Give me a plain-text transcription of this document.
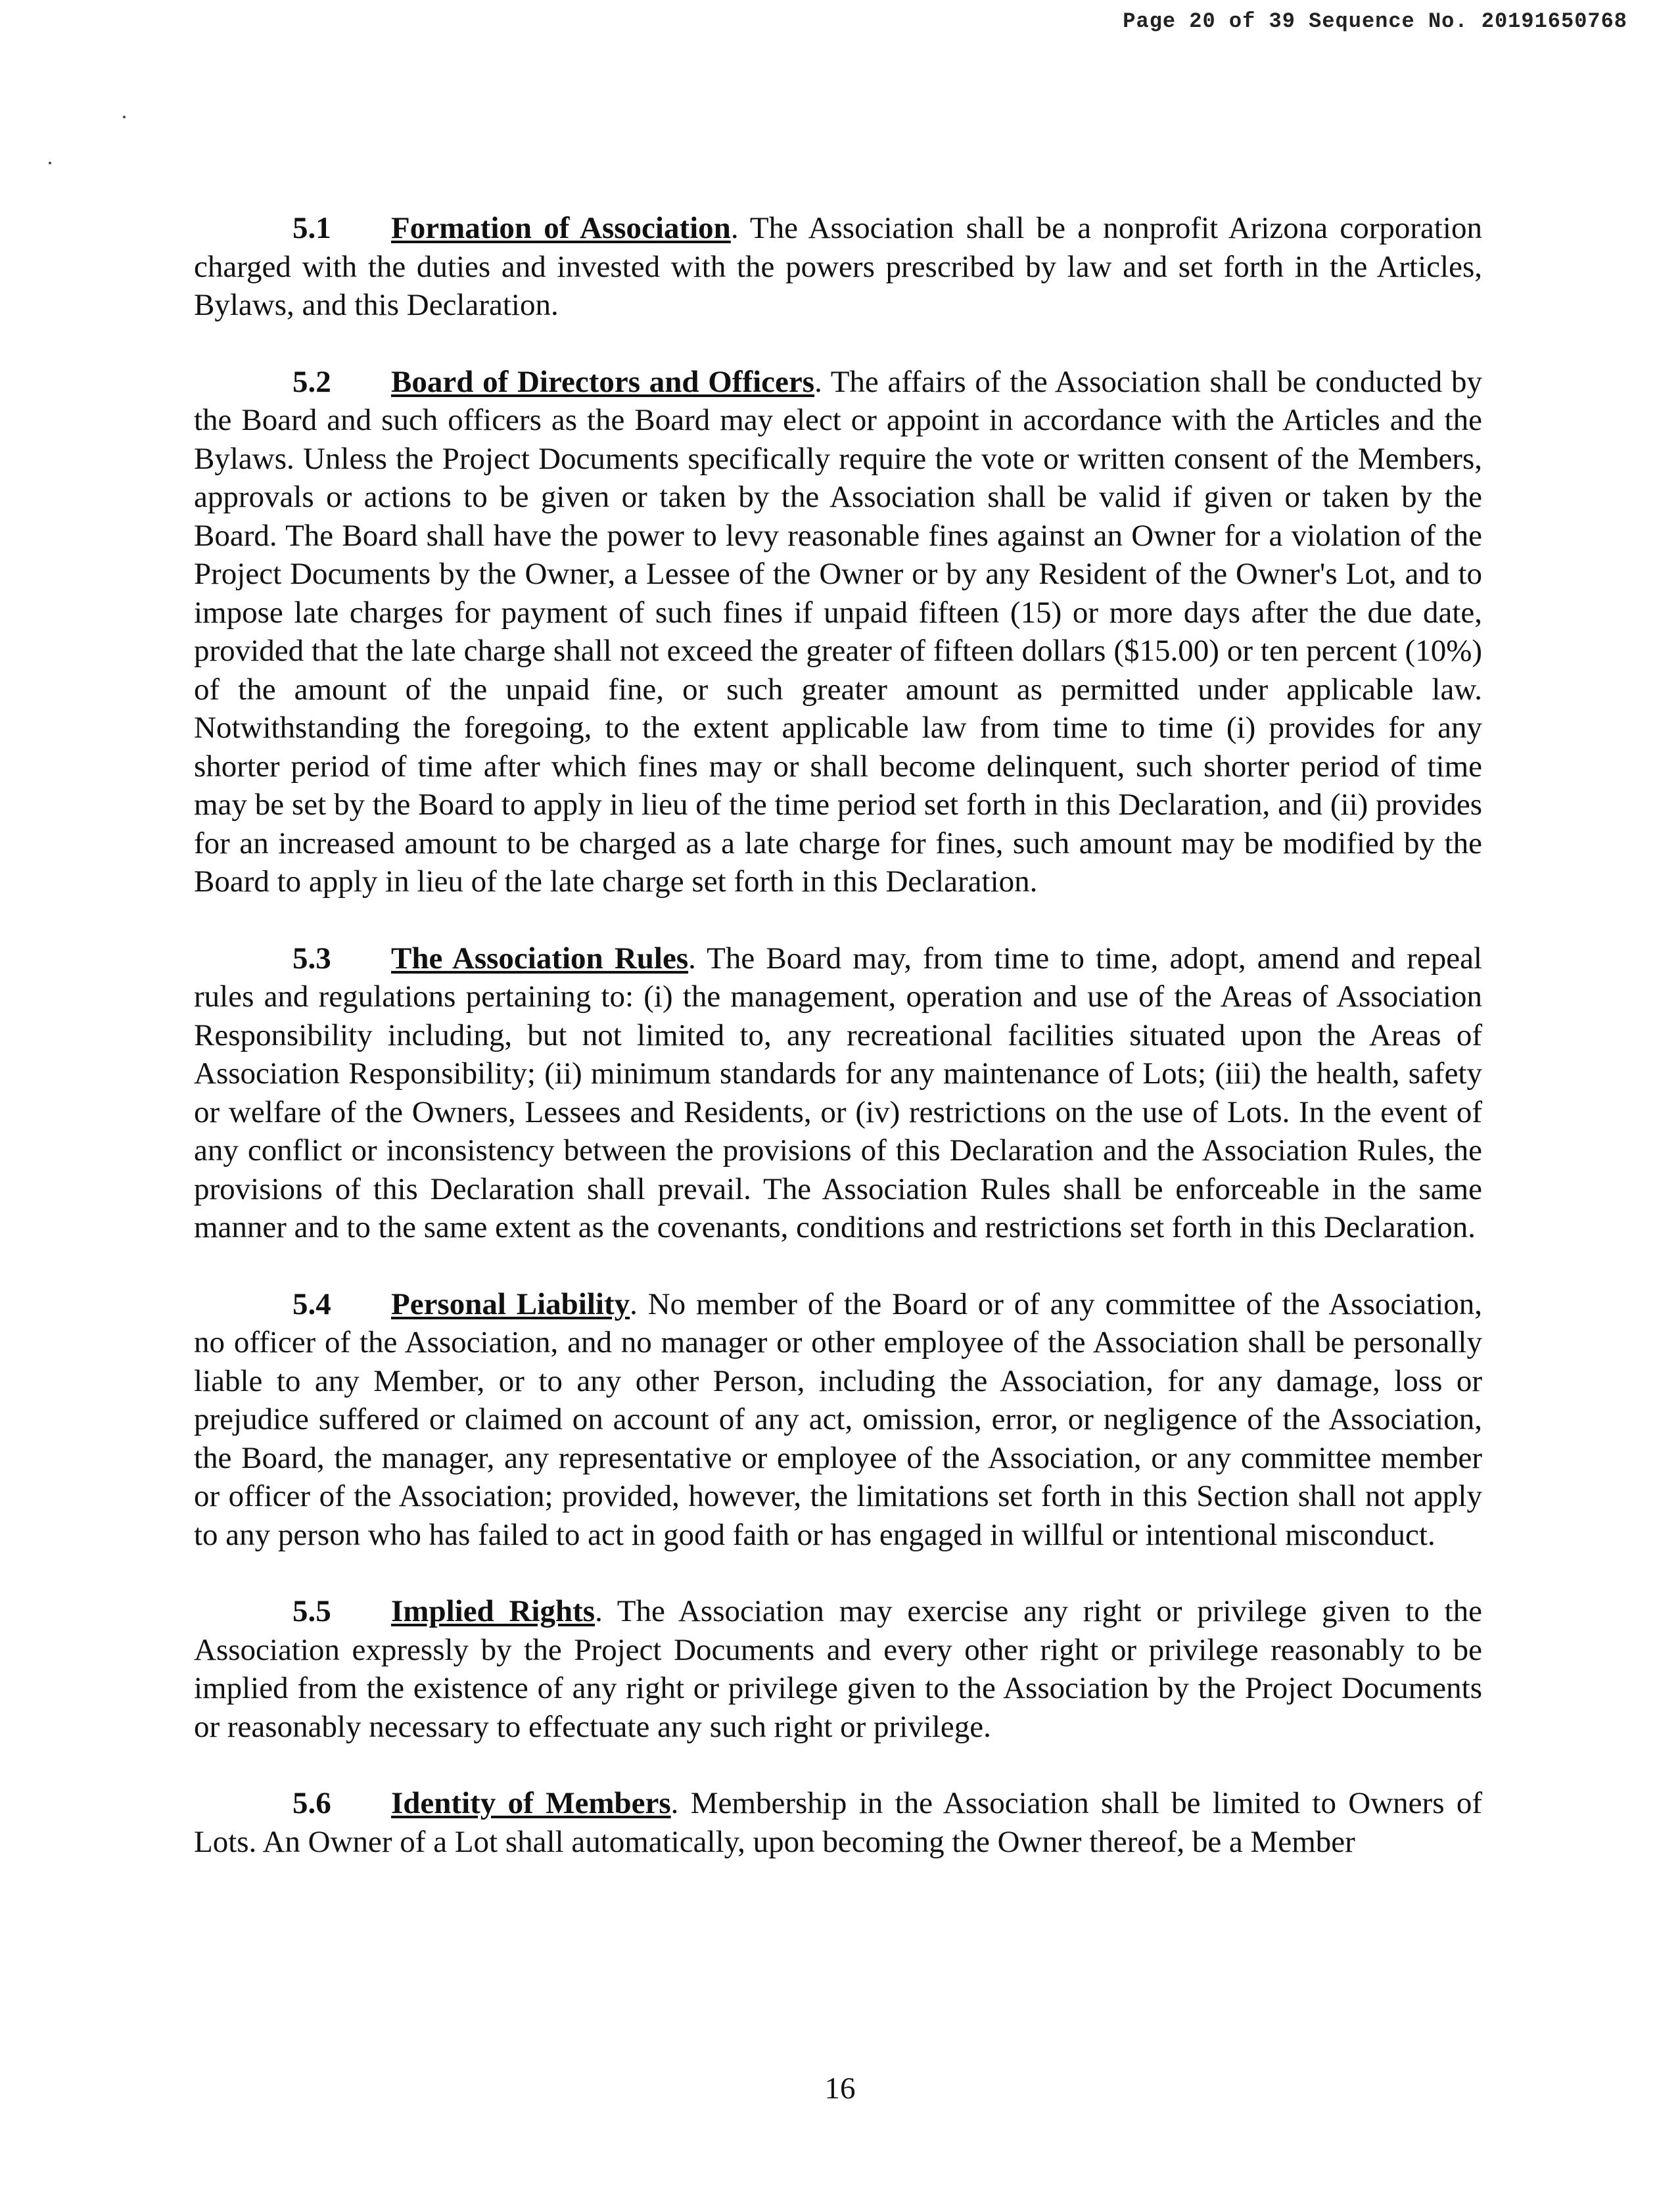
Page 20 of 39 Sequence No. 20191650768

5.1 Formation of Association. The Association shall be a nonprofit Arizona corporation charged with the duties and invested with the powers prescribed by law and set forth in the Articles, Bylaws, and this Declaration.

5.2 Board of Directors and Officers. The affairs of the Association shall be conducted by the Board and such officers as the Board may elect or appoint in accordance with the Articles and the Bylaws. Unless the Project Documents specifically require the vote or written consent of the Members, approvals or actions to be given or taken by the Association shall be valid if given or taken by the Board. The Board shall have the power to levy reasonable fines against an Owner for a violation of the Project Documents by the Owner, a Lessee of the Owner or by any Resident of the Owner's Lot, and to impose late charges for payment of such fines if unpaid fifteen (15) or more days after the due date, provided that the late charge shall not exceed the greater of fifteen dollars ($15.00) or ten percent (10%) of the amount of the unpaid fine, or such greater amount as permitted under applicable law. Notwithstanding the foregoing, to the extent applicable law from time to time (i) provides for any shorter period of time after which fines may or shall become delinquent, such shorter period of time may be set by the Board to apply in lieu of the time period set forth in this Declaration, and (ii) provides for an increased amount to be charged as a late charge for fines, such amount may be modified by the Board to apply in lieu of the late charge set forth in this Declaration.

5.3 The Association Rules. The Board may, from time to time, adopt, amend and repeal rules and regulations pertaining to: (i) the management, operation and use of the Areas of Association Responsibility including, but not limited to, any recreational facilities situated upon the Areas of Association Responsibility; (ii) minimum standards for any maintenance of Lots; (iii) the health, safety or welfare of the Owners, Lessees and Residents, or (iv) restrictions on the use of Lots. In the event of any conflict or inconsistency between the provisions of this Declaration and the Association Rules, the provisions of this Declaration shall prevail. The Association Rules shall be enforceable in the same manner and to the same extent as the covenants, conditions and restrictions set forth in this Declaration.

5.4 Personal Liability. No member of the Board or of any committee of the Association, no officer of the Association, and no manager or other employee of the Association shall be personally liable to any Member, or to any other Person, including the Association, for any damage, loss or prejudice suffered or claimed on account of any act, omission, error, or negligence of the Association, the Board, the manager, any representative or employee of the Association, or any committee member or officer of the Association; provided, however, the limitations set forth in this Section shall not apply to any person who has failed to act in good faith or has engaged in willful or intentional misconduct.

5.5 Implied Rights. The Association may exercise any right or privilege given to the Association expressly by the Project Documents and every other right or privilege reasonably to be implied from the existence of any right or privilege given to the Association by the Project Documents or reasonably necessary to effectuate any such right or privilege.

5.6 Identity of Members. Membership in the Association shall be limited to Owners of Lots. An Owner of a Lot shall automatically, upon becoming the Owner thereof, be a Member

16
